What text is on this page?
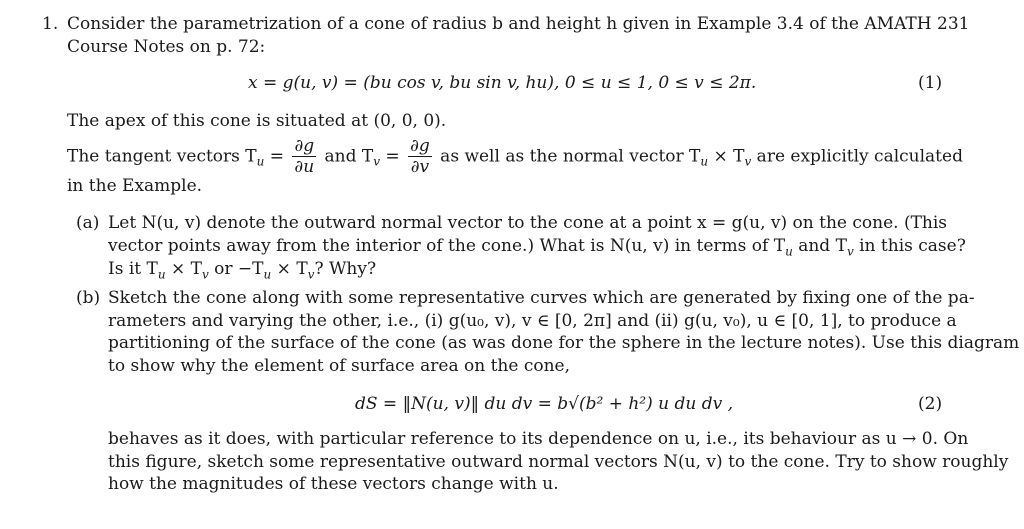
1. Consider the parametrization of a cone of radius b and height h given in Example 3.4 of the AMATH 231
Course Notes on p. 72:
x = g(u, v) = (bu cos v, bu sin v, hu), 0 ≤ u ≤ 1, 0 ≤ v ≤ 2π.	(1)
The apex of this cone is situated at (0, 0, 0).
The tangent vectors $T_u = \frac{\partial g}{\partial u}$ and $T_v = \frac{\partial g}{\partial v}$ as well as the normal vector $T_u \times T_v$ are explicitly calculated
in the Example.
(a) Let N(u, v) denote the outward normal vector to the cone at a point x = g(u, v) on the cone. (This
vector points away from the interior of the cone.) What is N(u, v) in terms of $T_u$ and $T_v$ in this case?
Is it $T_u \times T_v$ or $-T_u \times T_v$? Why?
(b) Sketch the cone along with some representative curves which are generated by fixing one of the pa-
rameters and varying the other, i.e., (i) g(u₀, v), v ∈ [0, 2π] and (ii) g(u, v₀), u ∈ [0, 1], to produce a
partitioning of the surface of the cone (as was done for the sphere in the lecture notes). Use this diagram
to show why the element of surface area on the cone,
dS = ‖N(u, v)‖ du dv = b√(b² + h²) u du dv ,	(2)
behaves as it does, with particular reference to its dependence on u, i.e., its behaviour as u → 0. On
this figure, sketch some representative outward normal vectors N(u, v) to the cone. Try to show roughly
how the magnitudes of these vectors change with u.
